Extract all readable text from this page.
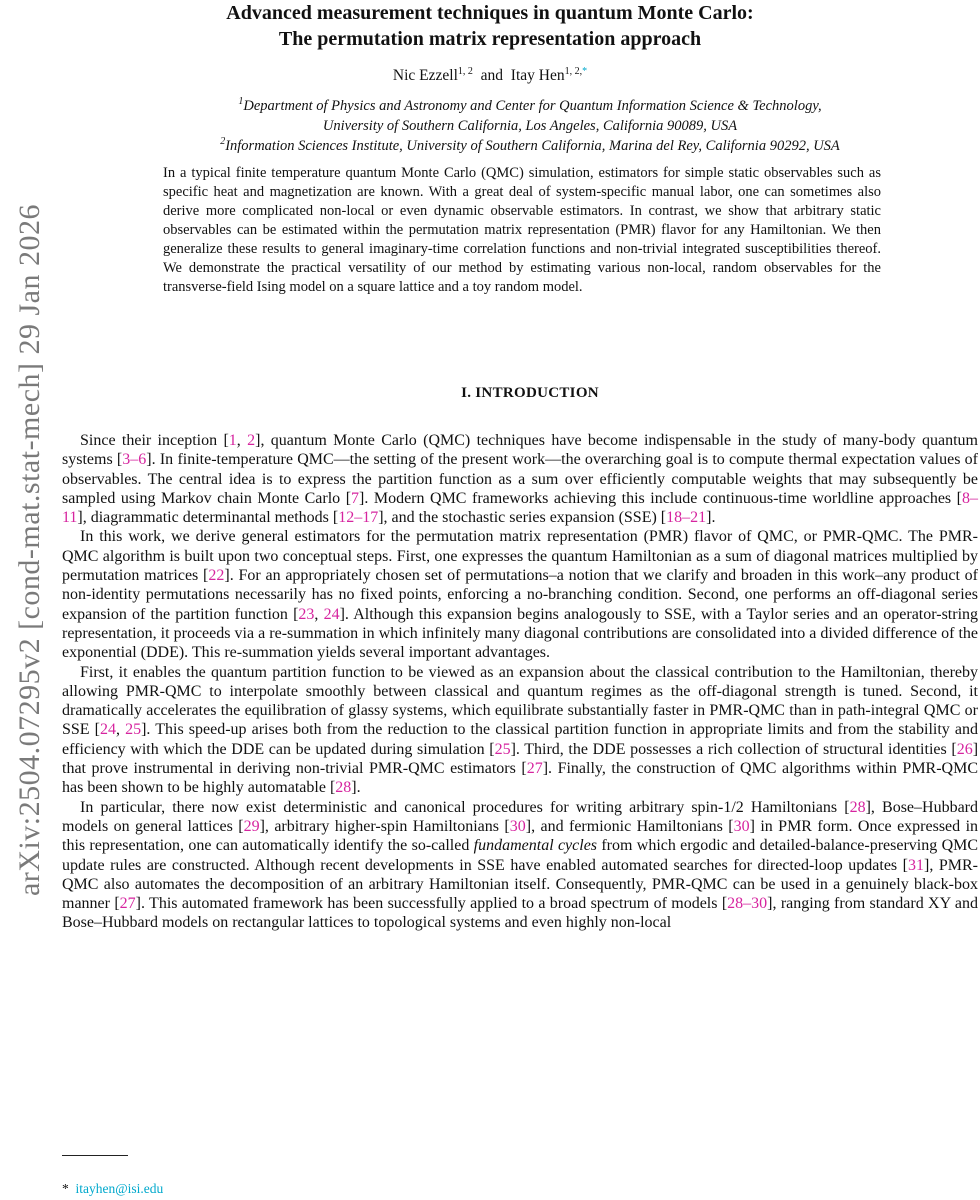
arXiv:2504.07295v2 [cond-mat.stat-mech] 29 Jan 2026
Advanced measurement techniques in quantum Monte Carlo:
The permutation matrix representation approach
Nic Ezzell$^{1, 2}$ and Itay Hen$^{1, 2,*}$
$^1$Department of Physics and Astronomy and Center for Quantum Information Science & Technology,
University of Southern California, Los Angeles, California 90089, USA
$^2$Information Sciences Institute, University of Southern California, Marina del Rey, California 90292, USA
In a typical finite temperature quantum Monte Carlo (QMC) simulation, estimators for simple static observables such as specific heat and magnetization are known. With a great deal of system-specific manual labor, one can sometimes also derive more complicated non-local or even dynamic observable estimators. In contrast, we show that arbitrary static observables can be estimated within the permutation matrix representation (PMR) flavor for any Hamiltonian. We then generalize these results to general imaginary-time correlation functions and non-trivial integrated susceptibilities thereof. We demonstrate the practical versatility of our method by estimating various non-local, random observables for the transverse-field Ising model on a square lattice and a toy random model.
I. INTRODUCTION

Since their inception [1, 2], quantum Monte Carlo (QMC) techniques have become indispensable in the study of many-body quantum systems [3–6]. In finite-temperature QMC—the setting of the present work—the overarching goal is to compute thermal expectation values of observables. The central idea is to express the partition function as a sum over efficiently computable weights that may subsequently be sampled using Markov chain Monte Carlo [7]. Modern QMC frameworks achieving this include continuous-time worldline approaches [8–11], diagrammatic determinantal methods [12–17], and the stochastic series expansion (SSE) [18–21].

In this work, we derive general estimators for the permutation matrix representation (PMR) flavor of QMC, or PMR-QMC. The PMR-QMC algorithm is built upon two conceptual steps. First, one expresses the quantum Hamiltonian as a sum of diagonal matrices multiplied by permutation matrices [22]. For an appropriately chosen set of permutations–a notion that we clarify and broaden in this work–any product of non-identity permutations necessarily has no fixed points, enforcing a no-branching condition. Second, one performs an off-diagonal series expansion of the partition function [23, 24]. Although this expansion begins analogously to SSE, with a Taylor series and an operator-string representation, it proceeds via a re-summation in which infinitely many diagonal contributions are consolidated into a divided difference of the exponential (DDE). This re-summation yields several important advantages.

First, it enables the quantum partition function to be viewed as an expansion about the classical contribution to the Hamiltonian, thereby allowing PMR-QMC to interpolate smoothly between classical and quantum regimes as the off-diagonal strength is tuned. Second, it dramatically accelerates the equilibration of glassy systems, which equilibrate substantially faster in PMR-QMC than in path-integral QMC or SSE [24, 25]. This speed-up arises both from the reduction to the classical partition function in appropriate limits and from the stability and efficiency with which the DDE can be updated during simulation [25]. Third, the DDE possesses a rich collection of structural identities [26] that prove instrumental in deriving non-trivial PMR-QMC estimators [27]. Finally, the construction of QMC algorithms within PMR-QMC has been shown to be highly automatable [28].

In particular, there now exist deterministic and canonical procedures for writing arbitrary spin-1/2 Hamiltonians [28], Bose–Hubbard models on general lattices [29], arbitrary higher-spin Hamiltonians [30], and fermionic Hamiltonians [30] in PMR form. Once expressed in this representation, one can automatically identify the so-called fundamental cycles from which ergodic and detailed-balance-preserving QMC update rules are constructed. Although recent developments in SSE have enabled automated searches for directed-loop updates [31], PMR-QMC also automates the decomposition of an arbitrary Hamiltonian itself. Consequently, PMR-QMC can be used in a genuinely black-box manner [27]. This automated framework has been successfully applied to a broad spectrum of models [28–30], ranging from standard XY and Bose–Hubbard models on rectangular lattices to topological systems and even highly non-local

* itayhen@isi.edu
